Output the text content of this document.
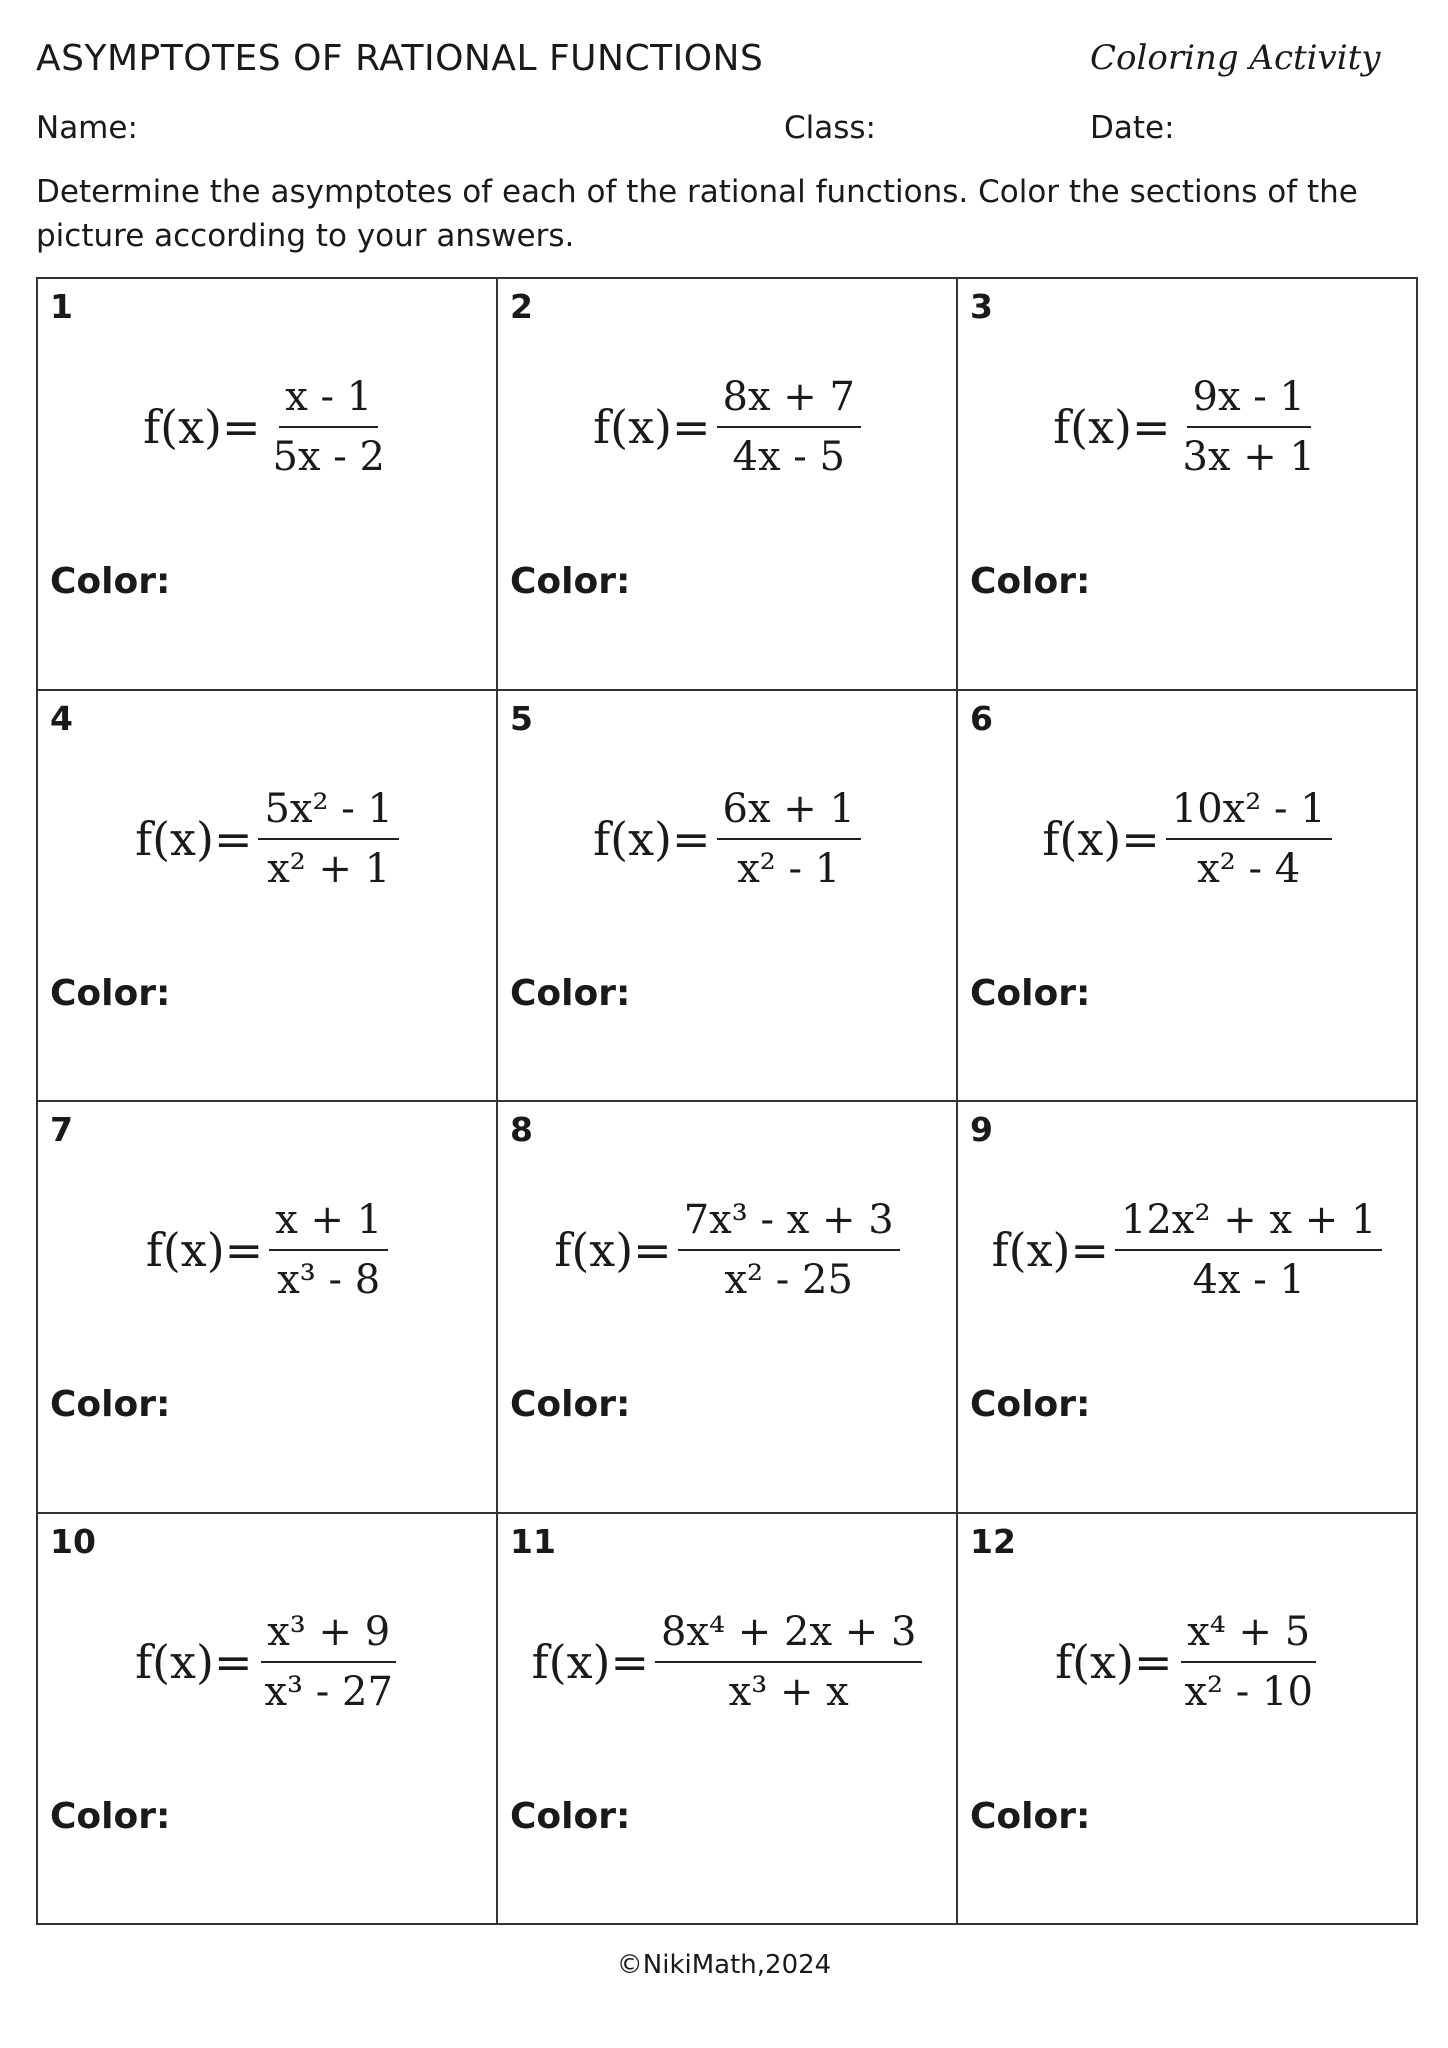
ASYMPTOTES OF RATIONAL FUNCTIONS	Coloring Activity
Name:	Class:	Date:
Determine the asymptotes of each of the rational functions. Color the sections of the picture according to your answers.
1
$f(x)= \frac{x - 1}{5x - 2}$
Color:
2
$f(x)= \frac{8x + 7}{4x - 5}$
Color:
3
$f(x)= \frac{9x - 1}{3x + 1}$
Color:
4
$f(x)= \frac{\text{5x² - 1}}{\text{x² + 1}}$
Color:
5
$f(x)= \frac{6x + 1}{\text{x² - 1}}$
Color:
6
$f(x)= \frac{\text{10x² - 1}}{\text{x² - 4}}$
Color:
7
$f(x)= \frac{x + 1}{\text{x³ - 8}}$
Color:
8
$f(x)= \frac{\text{7x³ - x + 3}}{\text{x² - 25}}$
Color:
9
$f(x)= \frac{\text{12x² + x + 1}}{4x - 1}$
Color:
10
$f(x)= \frac{\text{x³ + 9}}{\text{x³ - 27}}$
Color:
11
$f(x)= \frac{\text{8x⁴ + 2x + 3}}{\text{x³ + x}}$
Color:
12
$f(x)= \frac{\text{x⁴ + 5}}{\text{x² - 10}}$
Color:
©NikiMath,2024
